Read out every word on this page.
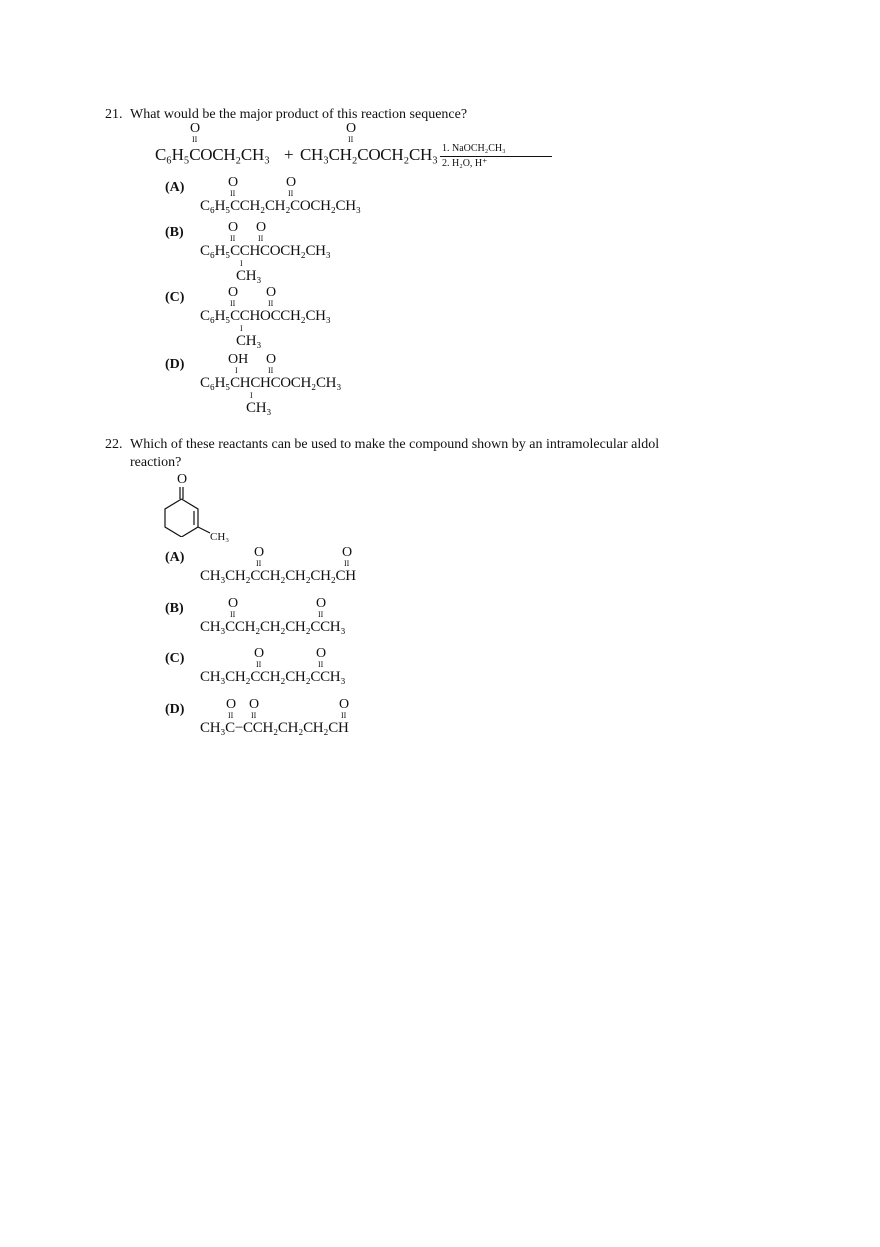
21. What would be the major product of this reaction sequence?
O
II
C₆H₅COCH₂CH₃ +
O
II
CH₃CH₂COCH₂CH₃ 1. NaOCH₂CH₃
2. H₂O, H⁺
(A)	O
II
O
II
C₆H₅CCH₂CH₂COCH₂CH₃
(B)	O
II
O
II
C₆H₅CCHCOCH₂CH₃
I
CH₃
(C)	O
II
O
II
C₆H₅CCHOCCH₂CH₃
I
CH₃
(D)	OH
I
O
II
C₆H₅CHCHCOCH₂CH₃
I
CH₃
22. Which of these reactants can be used to make the compound shown by an intramolecular aldol
reaction?
O
CH₃
(A)	O
II
O
II
CH₃CH₂CCH₂CH₂CH₂CH
(B)	O
II
O
II
CH₃CCH₂CH₂CH₂CCH₃
(C)	O
II
O
II
CH₃CH₂CCH₂CH₂CCH₃
(D)	O
II
O
II
O
II
CH₃C−CCH₂CH₂CH₂CH
